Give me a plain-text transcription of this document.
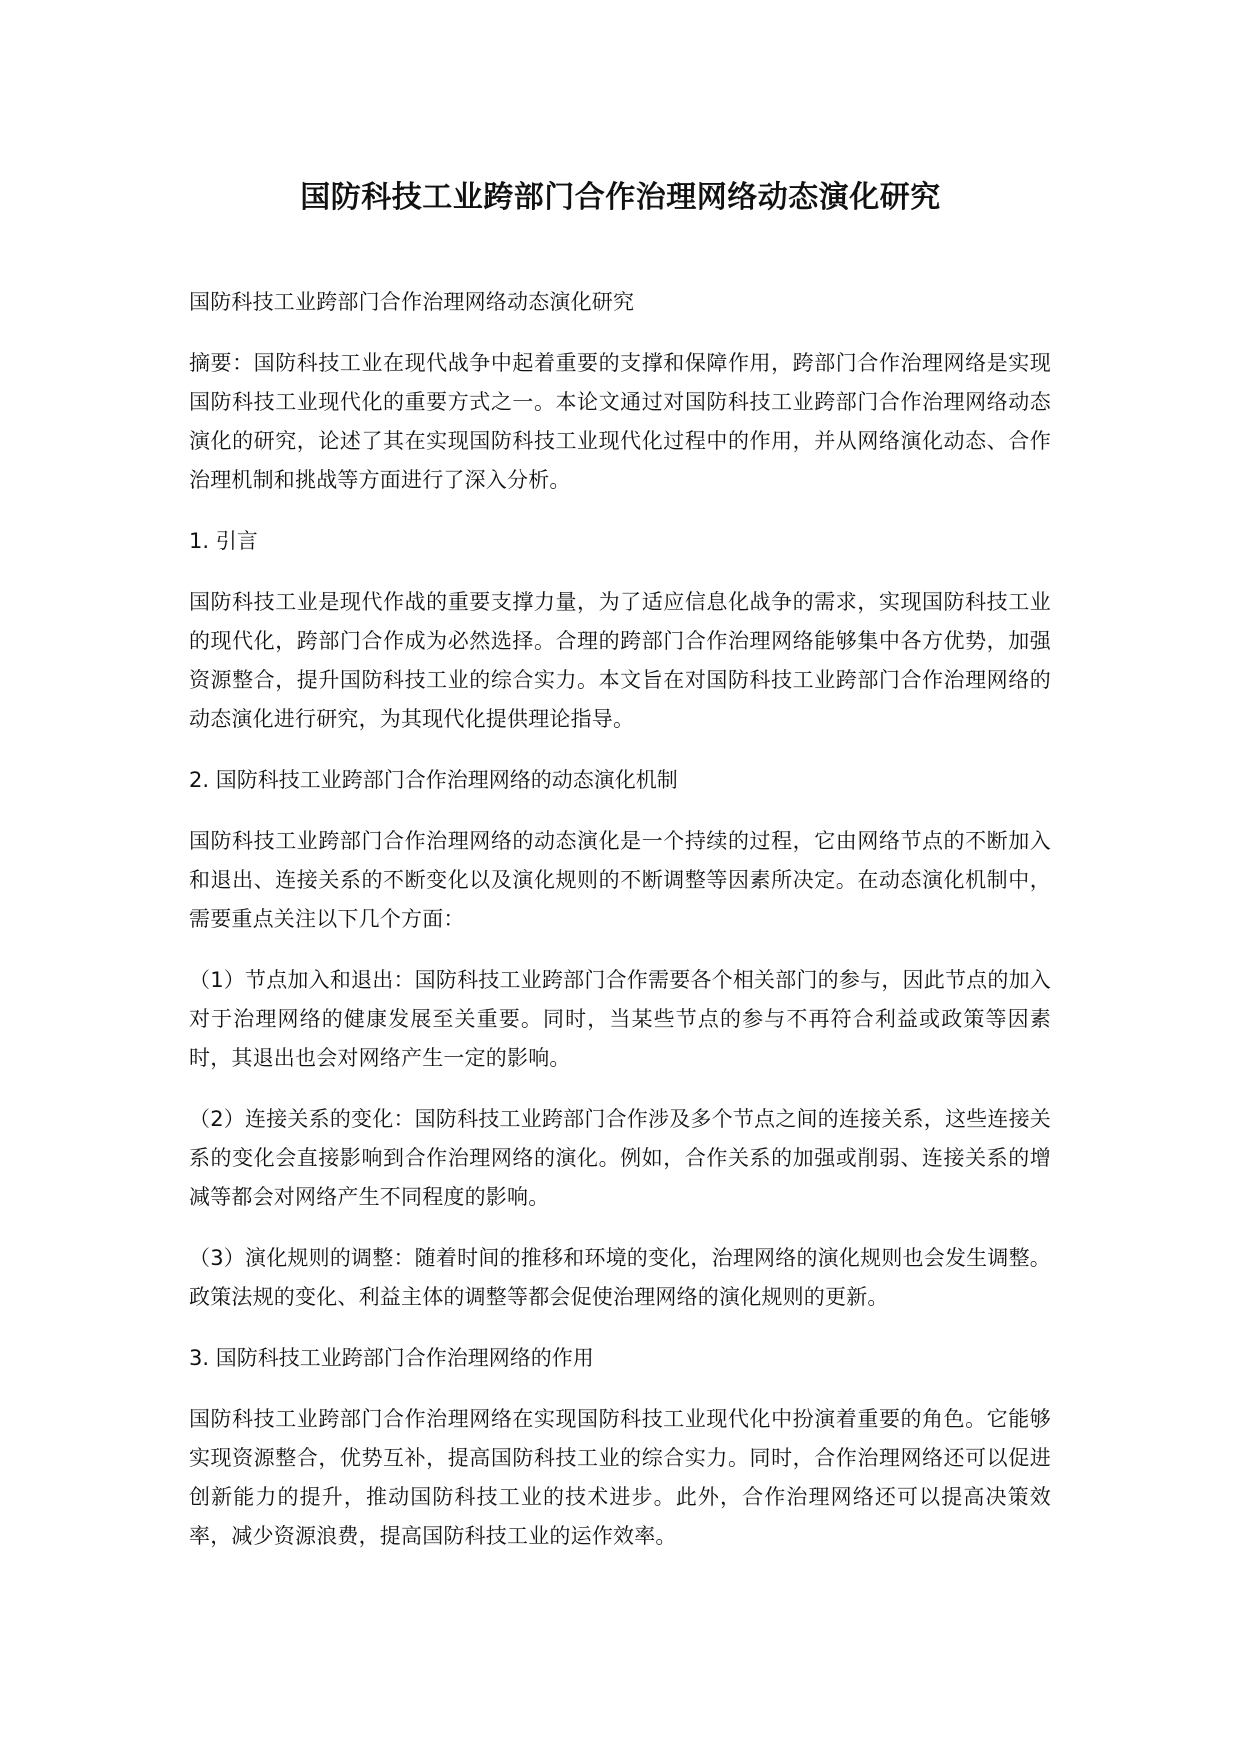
国防科技工业跨部门合作治理网络动态演化研究

国防科技工业跨部门合作治理网络动态演化研究

摘要：国防科技工业在现代战争中起着重要的支撑和保障作用，跨部门合作治理网络是实现国防科技工业现代化的重要方式之一。本论文通过对国防科技工业跨部门合作治理网络动态演化的研究，论述了其在实现国防科技工业现代化过程中的作用，并从网络演化动态、合作治理机制和挑战等方面进行了深入分析。

1. 引言

国防科技工业是现代作战的重要支撑力量，为了适应信息化战争的需求，实现国防科技工业的现代化，跨部门合作成为必然选择。合理的跨部门合作治理网络能够集中各方优势，加强资源整合，提升国防科技工业的综合实力。本文旨在对国防科技工业跨部门合作治理网络的动态演化进行研究，为其现代化提供理论指导。

2. 国防科技工业跨部门合作治理网络的动态演化机制

国防科技工业跨部门合作治理网络的动态演化是一个持续的过程，它由网络节点的不断加入和退出、连接关系的不断变化以及演化规则的不断调整等因素所决定。在动态演化机制中，需要重点关注以下几个方面：

（1）节点加入和退出：国防科技工业跨部门合作需要各个相关部门的参与，因此节点的加入对于治理网络的健康发展至关重要。同时，当某些节点的参与不再符合利益或政策等因素时，其退出也会对网络产生一定的影响。

（2）连接关系的变化：国防科技工业跨部门合作涉及多个节点之间的连接关系，这些连接关系的变化会直接影响到合作治理网络的演化。例如，合作关系的加强或削弱、连接关系的增减等都会对网络产生不同程度的影响。

（3）演化规则的调整：随着时间的推移和环境的变化，治理网络的演化规则也会发生调整。政策法规的变化、利益主体的调整等都会促使治理网络的演化规则的更新。

3. 国防科技工业跨部门合作治理网络的作用

国防科技工业跨部门合作治理网络在实现国防科技工业现代化中扮演着重要的角色。它能够实现资源整合，优势互补，提高国防科技工业的综合实力。同时，合作治理网络还可以促进创新能力的提升，推动国防科技工业的技术进步。此外，合作治理网络还可以提高决策效率，减少资源浪费，提高国防科技工业的运作效率。
